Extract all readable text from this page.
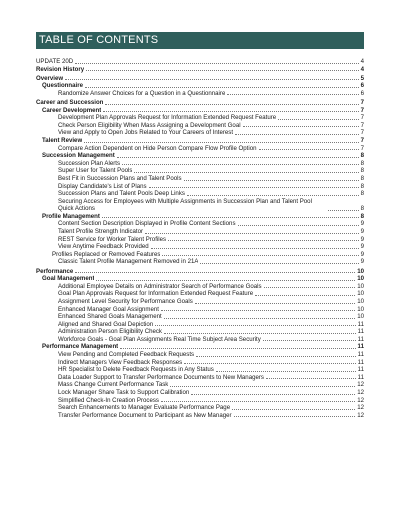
TABLE OF CONTENTS
UPDATE 20D	4
Revision History	4
Overview	5
Questionnaire	6
Randomize Answer Choices for a Question in a Questionnaire	6
Career and Succession	7
Career Development	7
Development Plan Approvals Request for Information Extended Request Feature	7
Check Person Eligibility When Mass Assigning a Development Goal	7
View and Apply to Open Jobs Related to Your Careers of Interest	7
Talent Review	7
Compare Action Dependent on Hide Person Compare Flow Profile Option	7
Succession Management	8
Succession Plan Alerts	8
Super User for Talent Pools	8
Best Fit in Succession Plans and Talent Pools	8
Display Candidate's List of Plans	8
Succession Plans and Talent Pools Deep Links	8
Securing Access for Employees with Multiple Assignments in Succession Plan and Talent Pool Quick Actions	8
Profile Management	8
Content Section Description Displayed in Profile Content Sections	9
Talent Profile Strength Indicator	9
REST Service for Worker Talent Profiles	9
View Anytime Feedback Provided	9
Profiles Replaced or Removed Features	9
Classic Talent Profile Management Removed in 21A	9
Performance	10
Goal Management	10
Additional Employee Details on Administrator Search of Performance Goals	10
Goal Plan Approvals Request for Information Extended Request Feature	10
Assignment Level Security for Performance Goals	10
Enhanced Manager Goal Assignment	10
Enhanced Shared Goals Management	10
Aligned and Shared Goal Depiction	11
Administration Person Eligibility Check	11
Workforce Goals - Goal Plan Assignments Real Time Subject Area Security	11
Performance Management	11
View Pending and Completed Feedback Requests	11
Indirect Managers View Feedback Responses	11
HR Specialist to Delete Feedback Requests in Any Status	11
Data Loader Support to Transfer Performance Documents to New Managers	11
Mass Change Current Performance Task	12
Lock Manager Share Task to Support Calibration	12
Simplified Check-In Creation Process	12
Search Enhancements to Manager Evaluate Performance Page	12
Transfer Performance Document to Participant as New Manager	12
